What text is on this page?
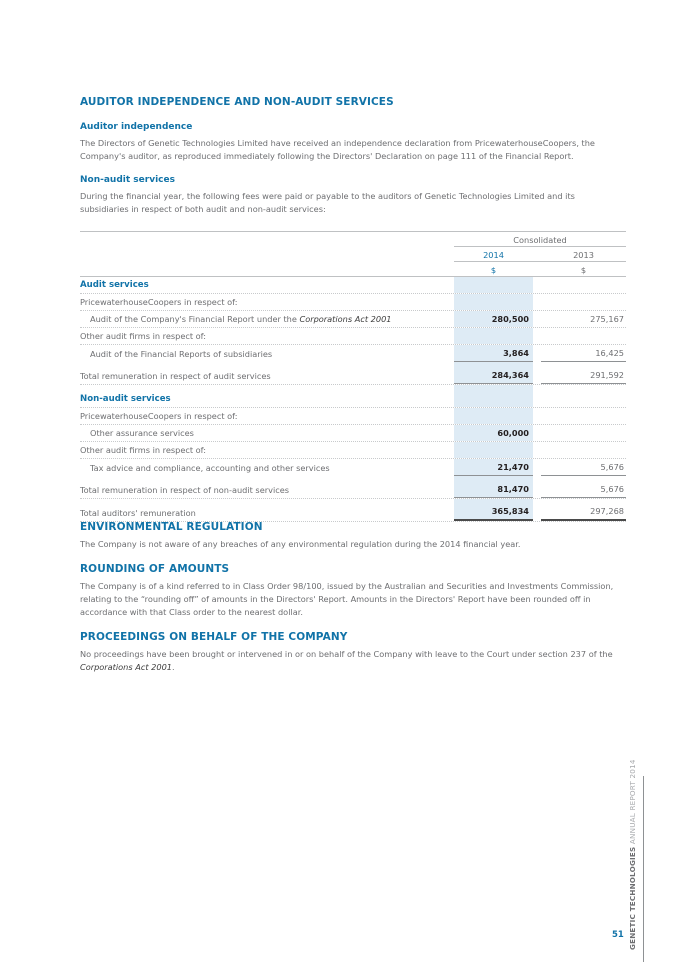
AUDITOR INDEPENDENCE AND NON-AUDIT SERVICES
Auditor independence
The Directors of Genetic Technologies Limited have received an independence declaration from PricewaterhouseCoopers, the Company's auditor, as reproduced immediately following the Directors' Declaration on page 111 of the Financial Report.
Non-audit services
During the financial year, the following fees were paid or payable to the auditors of Genetic Technologies Limited and its subsidiaries in respect of both audit and non-audit services:
Consolidated
2014	2013
$	$
Audit services
PricewaterhouseCoopers in respect of:
Audit of the Company's Financial Report under the Corporations Act 2001	280,500	275,167
Other audit firms in respect of:
Audit of the Financial Reports of subsidiaries	3,864	16,425
Total remuneration in respect of audit services	284,364	291,592
Non-audit services
PricewaterhouseCoopers in respect of:
Other assurance services	60,000
Other audit firms in respect of:
Tax advice and compliance, accounting and other services	21,470	5,676
Total remuneration in respect of non-audit services	81,470	5,676
Total auditors' remuneration	365,834	297,268
ENVIRONMENTAL REGULATION
The Company is not aware of any breaches of any environmental regulation during the 2014 financial year.
ROUNDING OF AMOUNTS
The Company is of a kind referred to in Class Order 98/100, issued by the Australian and Securities and Investments Commission, relating to the “rounding off” of amounts in the Directors' Report. Amounts in the Directors' Report have been rounded off in accordance with that Class order to the nearest dollar.
PROCEEDINGS ON BEHALF OF THE COMPANY
No proceedings have been brought or intervened in or on behalf of the Company with leave to the Court under section 237 of the Corporations Act 2001.
GENETIC TECHNOLOGIES ANNUAL REPORT 2014
51
